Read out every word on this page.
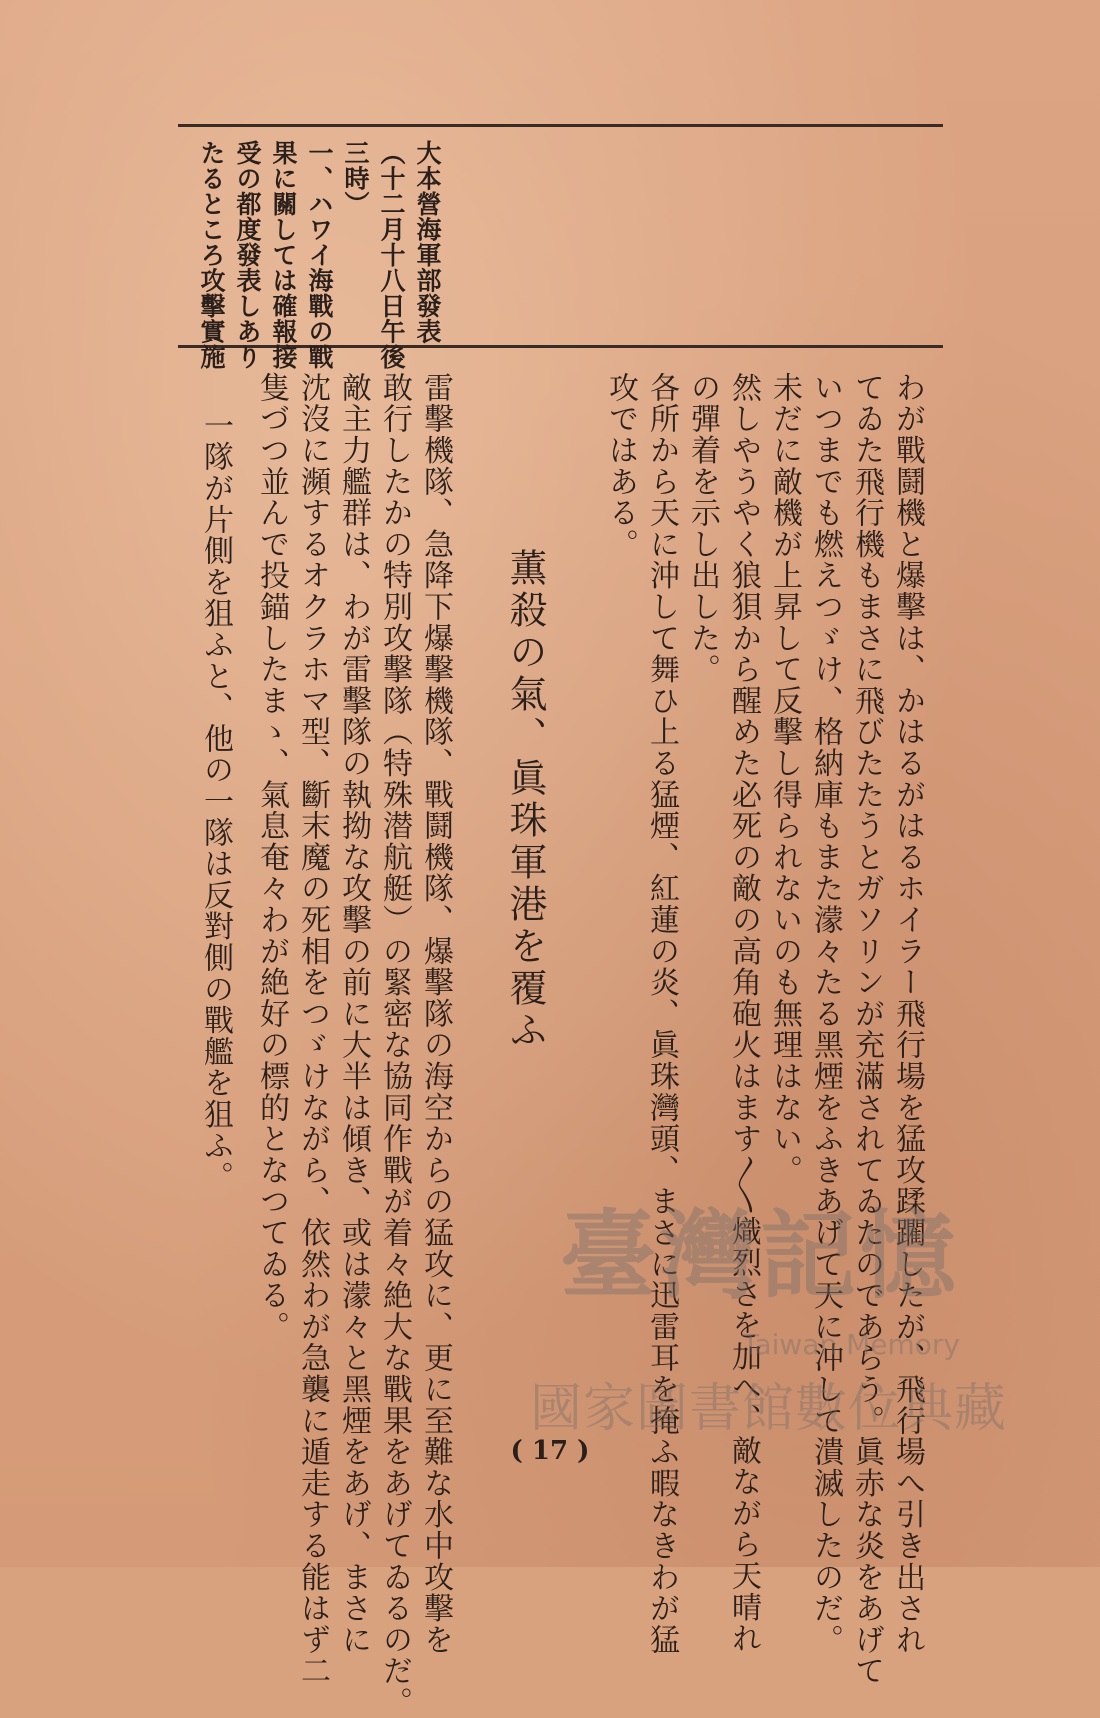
大本營海軍部發表
（十二月十八日午後
三時）
一、ハワイ海戰の戰
果に關しては確報接
受の都度發表しあり
たるところ攻擊實施
わが戰鬪機と爆擊は、かはるがはるホイラー飛行場を猛攻蹂躙したが、飛行場へ引き出され
てゐた飛行機もまさに飛びたたうとガソリンが充滿されてゐたのであらう。眞赤な炎をあげて
いつまでも燃えつゞけ、格納庫もまた濛々たる黑煙をふきあげて天に沖して潰滅したのだ。
未だに敵機が上昇して反擊し得られないのも無理はない。
然しやうやく狼狽から醒めた必死の敵の高角砲火はます〳〵熾烈さを加へ、敵ながら天晴れ
の彈着を示し出した。
各所から天に沖して舞ひ上る猛煙、紅蓮の炎、眞珠灣頭、まさに迅雷耳を掩ふ暇なきわが猛
攻ではある。
薫殺の氣、眞珠軍港を覆ふ
雷擊機隊、急降下爆擊機隊、戰鬪機隊、爆擊隊の海空からの猛攻に、更に至難な水中攻擊を
敢行したかの特別攻擊隊（特殊潜航艇）の緊密な協同作戰が着々絶大な戰果をあげてゐるのだ。
敵主力艦群は、わが雷擊隊の執拗な攻擊の前に大半は傾き、或は濛々と黑煙をあげ、まさに
沈沒に瀕するオクラホマ型、斷末魔の死相をつゞけながら、依然わが急襲に遁走する能はず二
隻づつ並んで投錨したまゝ、氣息奄々わが絶好の標的となつてゐる。
一隊が片側を狙ふと、他の一隊は反對側の戰艦を狙ふ。
( 17 )
臺灣記憶
Taiwan Memory
國家圖書館數位典藏
